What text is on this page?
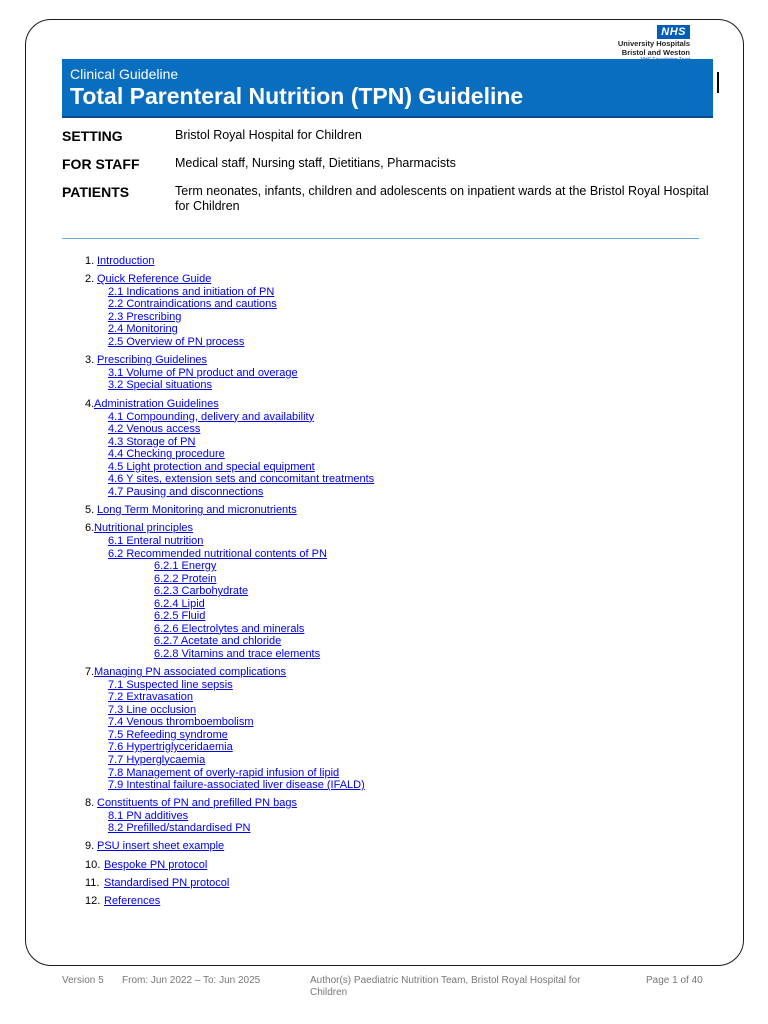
NHS
University Hospitals
Bristol and Weston
Clinical Guideline
Total Parenteral Nutrition (TPN) Guideline
SETTING	Bristol Royal Hospital for Children
FOR STAFF	Medical staff, Nursing staff, Dietitians, Pharmacists
PATIENTS	Term neonates, infants, children and adolescents on inpatient wards at the Bristol Royal Hospital for Children
1. Introduction
2. Quick Reference Guide
2.1 Indications and initiation of PN
2.2 Contraindications and cautions
2.3 Prescribing
2.4 Monitoring
2.5 Overview of PN process
3. Prescribing Guidelines
3.1 Volume of PN product and overage
3.2 Special situations
4. Administration Guidelines
4.1 Compounding, delivery and availability
4.2 Venous access
4.3 Storage of PN
4.4 Checking procedure
4.5 Light protection and special equipment
4.6 Y sites, extension sets and concomitant treatments
4.7 Pausing and disconnections
5. Long Term Monitoring and micronutrients
6. Nutritional principles
6.1 Enteral nutrition
6.2 Recommended nutritional contents of PN
6.2.1 Energy
6.2.2 Protein
6.2.3 Carbohydrate
6.2.4 Lipid
6.2.5 Fluid
6.2.6 Electrolytes and minerals
6.2.7 Acetate and chloride
6.2.8 Vitamins and trace elements
7. Managing PN associated complications
7.1 Suspected line sepsis
7.2 Extravasation
7.3 Line occlusion
7.4 Venous thromboembolism
7.5 Refeeding syndrome
7.6 Hypertriglyceridaemia
7.7 Hyperglycaemia
7.8 Management of overly-rapid infusion of lipid
7.9 Intestinal failure-associated liver disease (IFALD)
8. Constituents of PN and prefilled PN bags
8.1 PN additives
8.2 Prefilled/standardised PN
9. PSU insert sheet example
10. Bespoke PN protocol
11. Standardised PN protocol
12. References
Version 5 From: Jun 2022 – To: Jun 2025	Author(s) Paediatric Nutrition Team, Bristol Royal Hospital for Children
Page 1 of 40
